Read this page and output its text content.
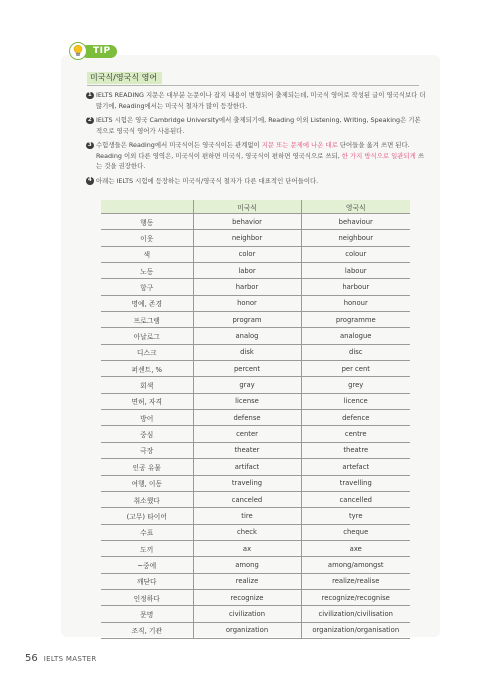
TIP
미국식/영국식 영어
1 IELTS READING 지문은 대부분 논문이나 잡지 내용이 변형되어 출제되는데, 미국식 영어로 작성된 글이 영국식보다 더 많기에, Reading에서는 미국식 철자가 많이 등장한다.
2 IELTS 시험은 영국 Cambridge University에서 출제되기에, Reading 이외 Listening, Writing, Speaking은 기본적으로 영국식 영어가 사용된다.
3 수험생들은 Reading에서 미국식이든 영국식이든 관계없이 지문 또는 문제에 나온 대로 단어들을 옮겨 쓰면 된다. Reading 이외 다른 영역은, 미국식이 편하면 미국식, 영국식이 편하면 영국식으로 쓰되, 한 가지 방식으로 일관되게 쓰는 것을 권장한다.
4 아래는 IELTS 시험에 등장하는 미국식/영국식 철자가 다른 대표적인 단어들이다.
	미국식	영국식
행동	behavior	behaviour
이웃	neighbor	neighbour
색	color	colour
노동	labor	labour
항구	harbor	harbour
명예, 존경	honor	honour
프로그램	program	programme
아날로그	analog	analogue
디스크	disk	disc
퍼센트, %	percent	per cent
회색	gray	grey
면허, 자격	license	licence
방어	defense	defence
중심	center	centre
극장	theater	theatre
인공 유물	artifact	artefact
여행, 이동	traveling	travelling
취소했다	canceled	cancelled
(고무) 타이어	tire	tyre
수표	check	cheque
도끼	ax	axe
~중에	among	among/amongst
깨닫다	realize	realize/realise
인정하다	recognize	recognize/recognise
문명	civilization	civilization/civilisation
조직, 기관	organization	organization/organisation
56 IELTS MASTER
